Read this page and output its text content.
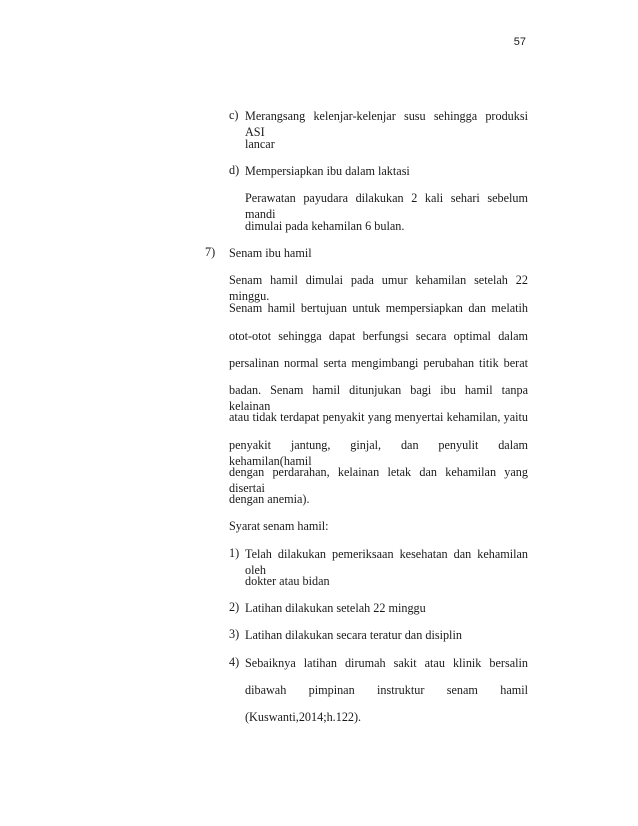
57
c) Merangsang kelenjar-kelenjar susu sehingga produksi ASI
lancar
d) Mempersiapkan ibu dalam laktasi
Perawatan payudara dilakukan 2 kali sehari sebelum mandi
dimulai pada kehamilan 6 bulan.
7) Senam ibu hamil
Senam hamil dimulai pada umur kehamilan setelah 22 minggu.
Senam hamil bertujuan untuk mempersiapkan dan melatih
otot-otot sehingga dapat berfungsi secara optimal dalam
persalinan normal serta mengimbangi perubahan titik berat
badan. Senam hamil ditunjukan bagi ibu hamil tanpa kelainan
atau tidak terdapat penyakit yang menyertai kehamilan, yaitu
penyakit jantung, ginjal, dan penyulit dalam kehamilan(hamil
dengan perdarahan, kelainan letak dan kehamilan yang disertai
dengan anemia).
Syarat senam hamil:
1) Telah dilakukan pemeriksaan kesehatan dan kehamilan oleh
dokter atau bidan
2) Latihan dilakukan setelah 22 minggu
3) Latihan dilakukan secara teratur dan disiplin
4) Sebaiknya latihan dirumah sakit atau klinik bersalin
dibawah pimpinan instruktur senam hamil
(Kuswanti,2014;h.122).
